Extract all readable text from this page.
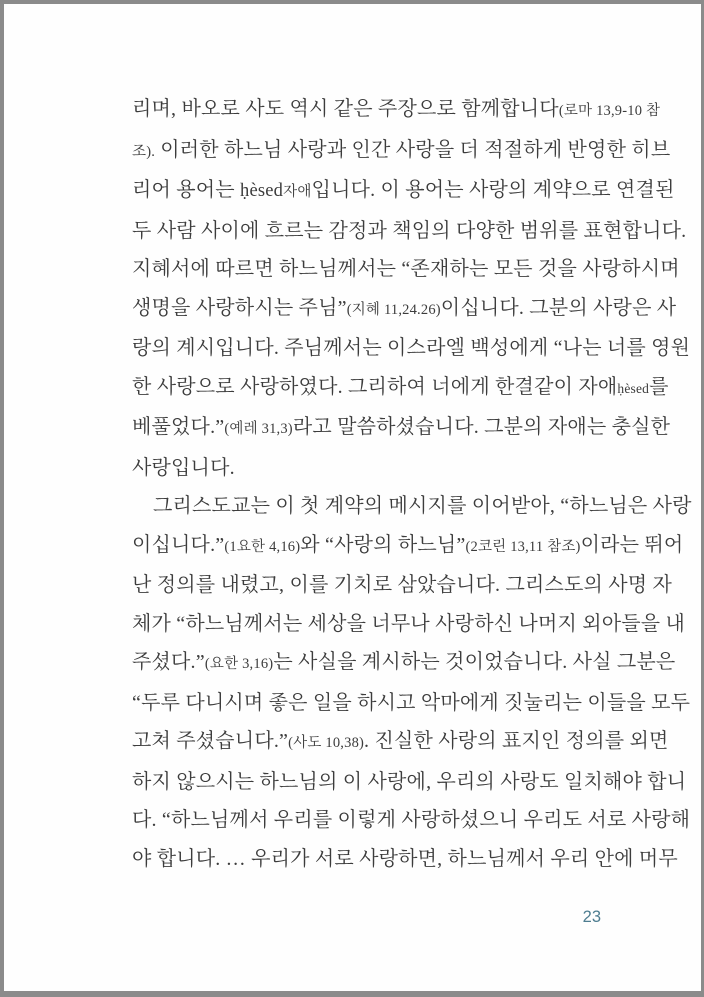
리며, 바오로 사도 역시 같은 주장으로 함께합니다(로마 13,9-10 참
조). 이러한 하느님 사랑과 인간 사랑을 더 적절하게 반영한 히브
리어 용어는 ḥèsed자애입니다. 이 용어는 사랑의 계약으로 연결된
두 사람 사이에 흐르는 감정과 책임의 다양한 범위를 표현합니다.
지혜서에 따르면 하느님께서는 “존재하는 모든 것을 사랑하시며
생명을 사랑하시는 주님”(지혜 11,24.26)이십니다. 그분의 사랑은 사
랑의 계시입니다. 주님께서는 이스라엘 백성에게 “나는 너를 영원
한 사랑으로 사랑하였다. 그리하여 너에게 한결같이 자애ḥèsed를
베풀었다.”(예레 31,3)라고 말씀하셨습니다. 그분의 자애는 충실한
사랑입니다.
그리스도교는 이 첫 계약의 메시지를 이어받아, “하느님은 사랑
이십니다.”(1요한 4,16)와 “사랑의 하느님”(2코린 13,11 참조)이라는 뛰어
난 정의를 내렸고, 이를 기치로 삼았습니다. 그리스도의 사명 자
체가 “하느님께서는 세상을 너무나 사랑하신 나머지 외아들을 내
주셨다.”(요한 3,16)는 사실을 계시하는 것이었습니다. 사실 그분은
“두루 다니시며 좋은 일을 하시고 악마에게 짓눌리는 이들을 모두
고쳐 주셨습니다.”(사도 10,38). 진실한 사랑의 표지인 정의를 외면
하지 않으시는 하느님의 이 사랑에, 우리의 사랑도 일치해야 합니
다. “하느님께서 우리를 이렇게 사랑하셨으니 우리도 서로 사랑해
야 합니다. … 우리가 서로 사랑하면, 하느님께서 우리 안에 머무
23
